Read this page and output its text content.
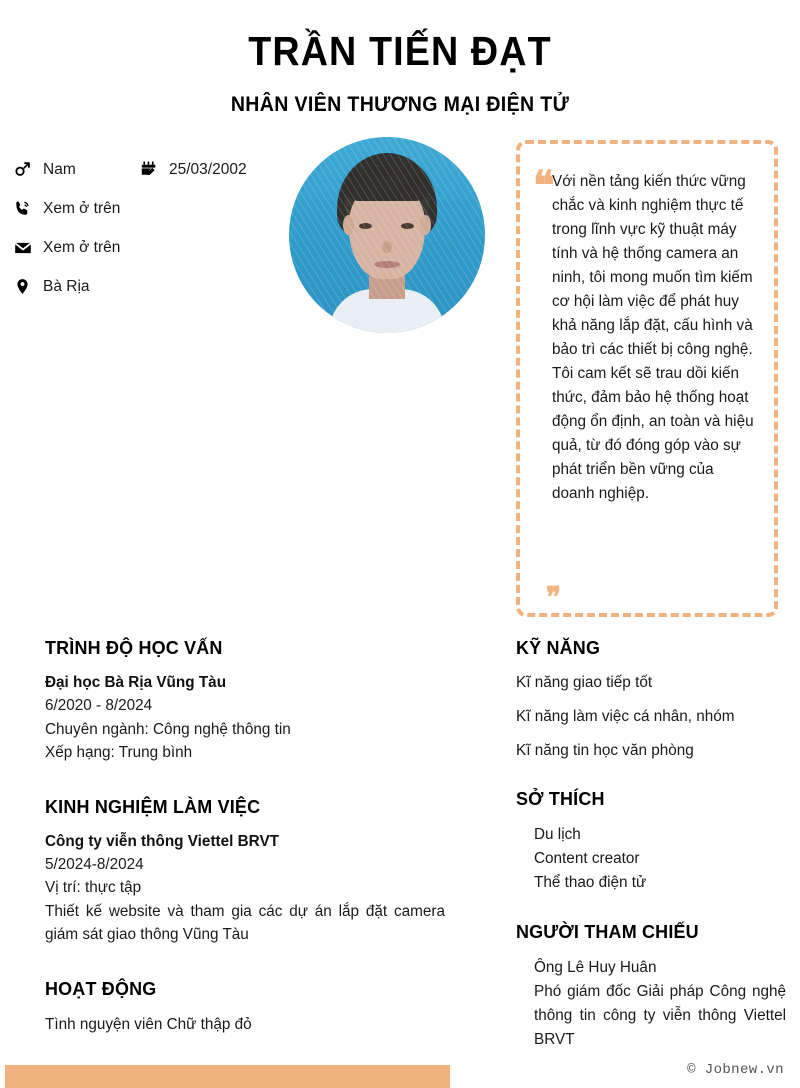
TRẦN TIẾN ĐẠT
NHÂN VIÊN THƯƠNG MẠI ĐIỆN TỬ
Nam	25/03/2002
Xem ở trên
Xem ở trên
Bà Rịa
❝

Với nền tảng kiến thức vững chắc và kinh nghiệm thực tế trong lĩnh vực kỹ thuật máy tính và hệ thống camera an ninh, tôi mong muốn tìm kiếm cơ hội làm việc để phát huy khả năng lắp đặt, cấu hình và bảo trì các thiết bị công nghệ. Tôi cam kết sẽ trau dồi kiến thức, đảm bảo hệ thống hoạt động ổn định, an toàn và hiệu quả, từ đó đóng góp vào sự phát triển bền vững của doanh nghiệp.

❝
TRÌNH ĐỘ HỌC VẤN
Đại học Bà Rịa Vũng Tàu
6/2020 - 8/2024
Chuyên ngành: Công nghệ thông tin
Xếp hạng: Trung bình
KINH NGHIỆM LÀM VIỆC
Công ty viễn thông Viettel BRVT
5/2024-8/2024
Vị trí: thực tập
Thiết kế website và tham gia các dự án lắp đặt camera giám sát giao thông Vũng Tàu
HOẠT ĐỘNG
Tình nguyện viên Chữ thập đỏ
KỸ NĂNG
Kĩ năng giao tiếp tốt
Kĩ năng làm việc cá nhân, nhóm
Kĩ năng tin học văn phòng
SỞ THÍCH
Du lịch
Content creator
Thể thao điện tử
NGƯỜI THAM CHIẾU
Ông Lê Huy Huân
Phó giám đốc Giải pháp Công nghệ thông tin công ty viễn thông Viettel BRVT
© Jobnew.vn
